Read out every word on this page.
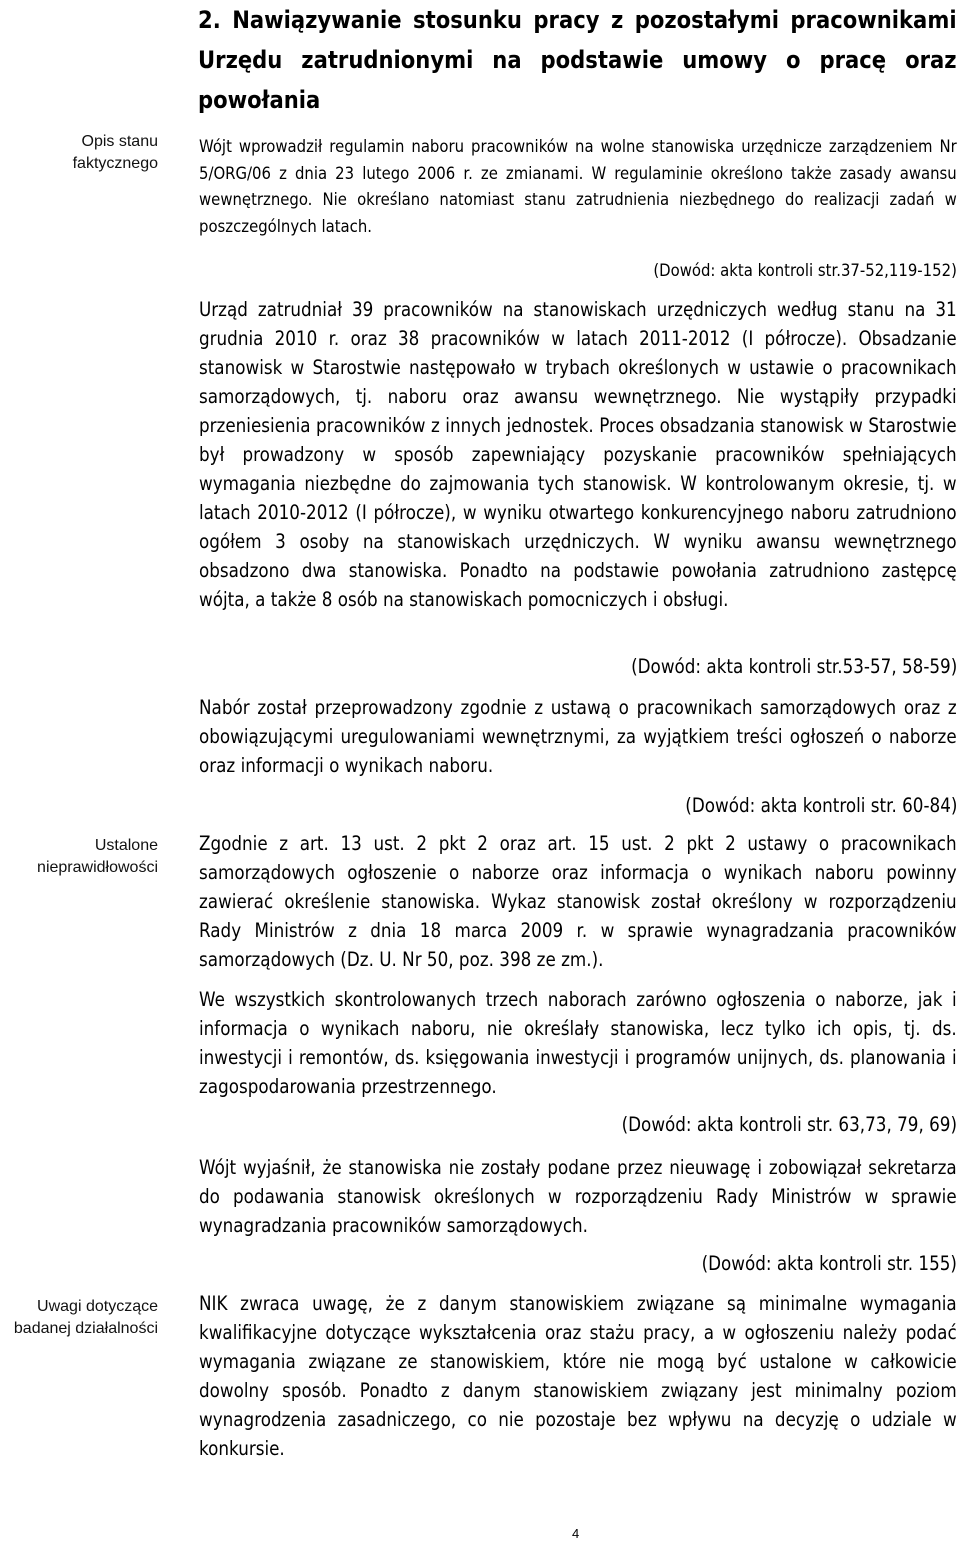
2. Nawiązywanie stosunku pracy z pozostałymi pracownikami Urzędu zatrudnionymi na podstawie umowy o pracę oraz powołania
Opis stanu
faktycznego
Ustalone
nieprawidłowości
Uwagi dotyczące
badanej działalności
Wójt wprowadził regulamin naboru pracowników na wolne stanowiska urzędnicze zarządzeniem Nr 5/ORG/06 z dnia 23 lutego 2006 r. ze zmianami. W regulaminie określono także zasady awansu wewnętrznego. Nie określano natomiast stanu zatrudnienia niezbędnego do realizacji zadań w poszczególnych latach.
(Dowód: akta kontroli str.37-52,119-152)
Urząd zatrudniał 39 pracowników na stanowiskach urzędniczych według stanu na 31 grudnia 2010 r. oraz 38 pracowników w latach 2011-2012 (I półrocze). Obsadzanie stanowisk w Starostwie następowało w trybach określonych w ustawie o pracownikach samorządowych, tj. naboru oraz awansu wewnętrznego. Nie wystąpiły przypadki przeniesienia pracowników z innych jednostek. Proces obsadzania stanowisk w Starostwie był prowadzony w sposób zapewniający pozyskanie pracowników spełniających wymagania niezbędne do zajmowania tych stanowisk. W kontrolowanym okresie, tj. w latach 2010-2012 (I półrocze), w wyniku otwartego konkurencyjnego naboru zatrudniono ogółem 3 osoby na stanowiskach urzędniczych. W wyniku awansu wewnętrznego obsadzono dwa stanowiska. Ponadto na podstawie powołania zatrudniono zastępcę wójta, a także 8 osób na stanowiskach pomocniczych i obsługi.
(Dowód: akta kontroli str.53-57, 58-59)
Nabór został przeprowadzony zgodnie z ustawą o pracownikach samorządowych oraz z obowiązującymi uregulowaniami wewnętrznymi, za wyjątkiem treści ogłoszeń o naborze oraz informacji o wynikach naboru.
(Dowód: akta kontroli str. 60-84)
Zgodnie z art. 13 ust. 2 pkt 2 oraz art. 15 ust. 2 pkt 2 ustawy o pracownikach samorządowych ogłoszenie o naborze oraz informacja o wynikach naboru powinny zawierać określenie stanowiska. Wykaz stanowisk został określony w rozporządzeniu Rady Ministrów z dnia 18 marca 2009 r. w sprawie wynagradzania pracowników samorządowych (Dz. U. Nr 50, poz. 398 ze zm.).
We wszystkich skontrolowanych trzech naborach zarówno ogłoszenia o naborze, jak i informacja o wynikach naboru, nie określały stanowiska, lecz tylko ich opis, tj. ds. inwestycji i remontów, ds. księgowania inwestycji i programów unijnych, ds. planowania i zagospodarowania przestrzennego.
(Dowód: akta kontroli str. 63,73, 79, 69)
Wójt wyjaśnił, że stanowiska nie zostały podane przez nieuwagę i zobowiązał sekretarza do podawania stanowisk określonych w rozporządzeniu Rady Ministrów w sprawie wynagradzania pracowników samorządowych.
(Dowód: akta kontroli str. 155)
NIK zwraca uwagę, że z danym stanowiskiem związane są minimalne wymagania kwalifikacyjne dotyczące wykształcenia oraz stażu pracy, a w ogłoszeniu należy podać wymagania związane ze stanowiskiem, które nie mogą być ustalone w całkowicie dowolny sposób. Ponadto z danym stanowiskiem związany jest minimalny poziom wynagrodzenia zasadniczego, co nie pozostaje bez wpływu na decyzję o udziale w konkursie.
4
